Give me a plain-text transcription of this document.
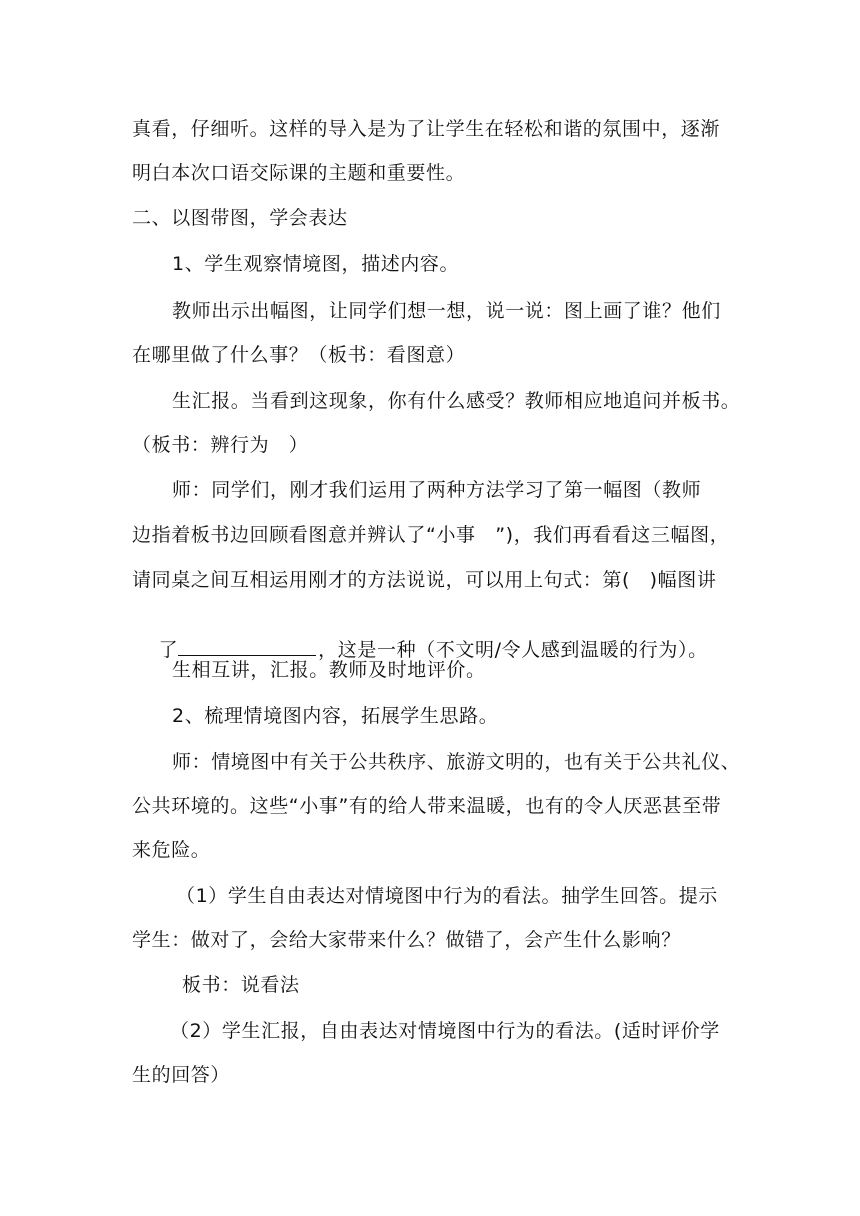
真看，仔细听。这样的导入是为了让学生在轻松和谐的氛围中，逐渐
明白本次口语交际课的主题和重要性。
二、以图带图，学会表达
1、学生观察情境图，描述内容。
教师出示出幅图，让同学们想一想，说一说：图上画了谁？他们
在哪里做了什么事？（板书：看图意）
生汇报。当看到这现象，你有什么感受？教师相应地追问并板书。
（板书：辨行为　）
师：同学们，刚才我们运用了两种方法学习了第一幅图（教师
边指着板书边回顾看图意并辨认了“小事　”)，我们再看看这三幅图，
请同桌之间互相运用刚才的方法说说，可以用上句式：第(　)幅图讲

了	，这是一种（不文明/令人感到温暖的行为）。

生相互讲，汇报。教师及时地评价。
2、梳理情境图内容，拓展学生思路。
师：情境图中有关于公共秩序、旅游文明的，也有关于公共礼仪、
公共环境的。这些“小事”有的给人带来温暖，也有的令人厌恶甚至带
来危险。
（1）学生自由表达对情境图中行为的看法。抽学生回答。提示
学生：做对了，会给大家带来什么？做错了，会产生什么影响？
板书：说看法
（2）学生汇报，自由表达对情境图中行为的看法。(适时评价学
生的回答）
